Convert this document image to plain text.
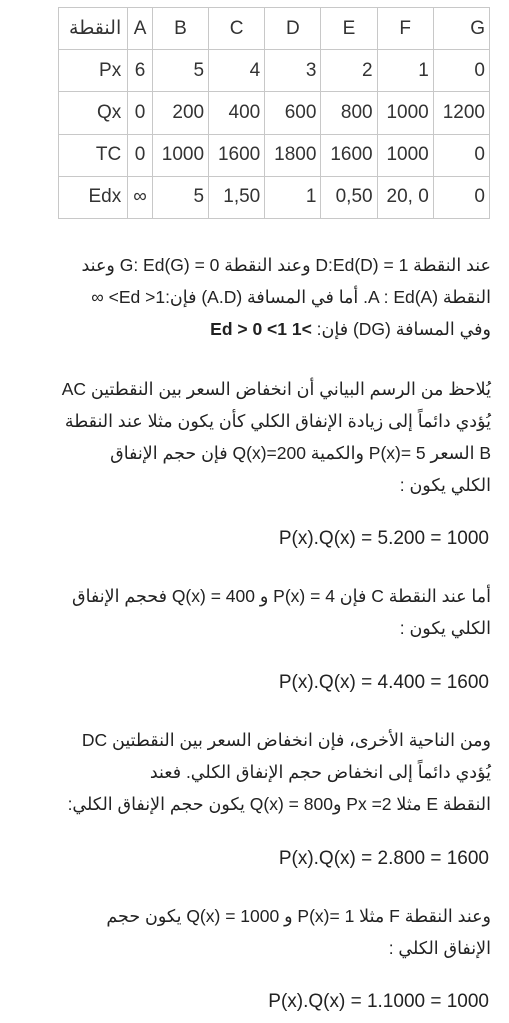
النقطة	A	B	C	D	E	F	G
Px	6	5	4	3	2	1	0
Qx	0	200	400	600	800	1000	1200
TC	0	1000	1600	1800	1600	1000	0
Edx	∞	5	1,50	1	0,50	20, 0	0
عند النقطة D:Ed(D) = 1 وعند النقطة G: Ed(G) = 0 وعند
النقطة A : Ed(A). أما في المسافة (A.D) فإن:1< Ed> ∞
وفي المسافة (DG) فإن: Ed > 0 <1 1<
يُلاحظ من الرسم البياني أن انخفاض السعر بين النقطتين AC
يُؤدي دائماً إلى زيادة الإنفاق الكلي كأن يكون مثلا عند النقطة
B السعر P(x)= 5 والكمية Q(x)=200 فإن حجم الإنفاق
الكلي يكون :
P(x).Q(x) = 5.200 = 1000
أما عند النقطة C فإن P(x) = 4 و Q(x) = 400 فحجم الإنفاق
الكلي يكون :
P(x).Q(x) = 4.400 = 1600
ومن الناحية الأخرى، فإن انخفاض السعر بين النقطتين DC
يُؤدي دائماً إلى انخفاض حجم الإنفاق الكلي. فعند
النقطة E مثلا Px =2 و800 = Q(x) يكون حجم الإنفاق الكلي:
P(x).Q(x) = 2.800 = 1600
وعند النقطة F مثلا P(x)= 1 و Q(x) = 1000 يكون حجم
الإنفاق الكلي :
P(x).Q(x) = 1.1000 = 1000
